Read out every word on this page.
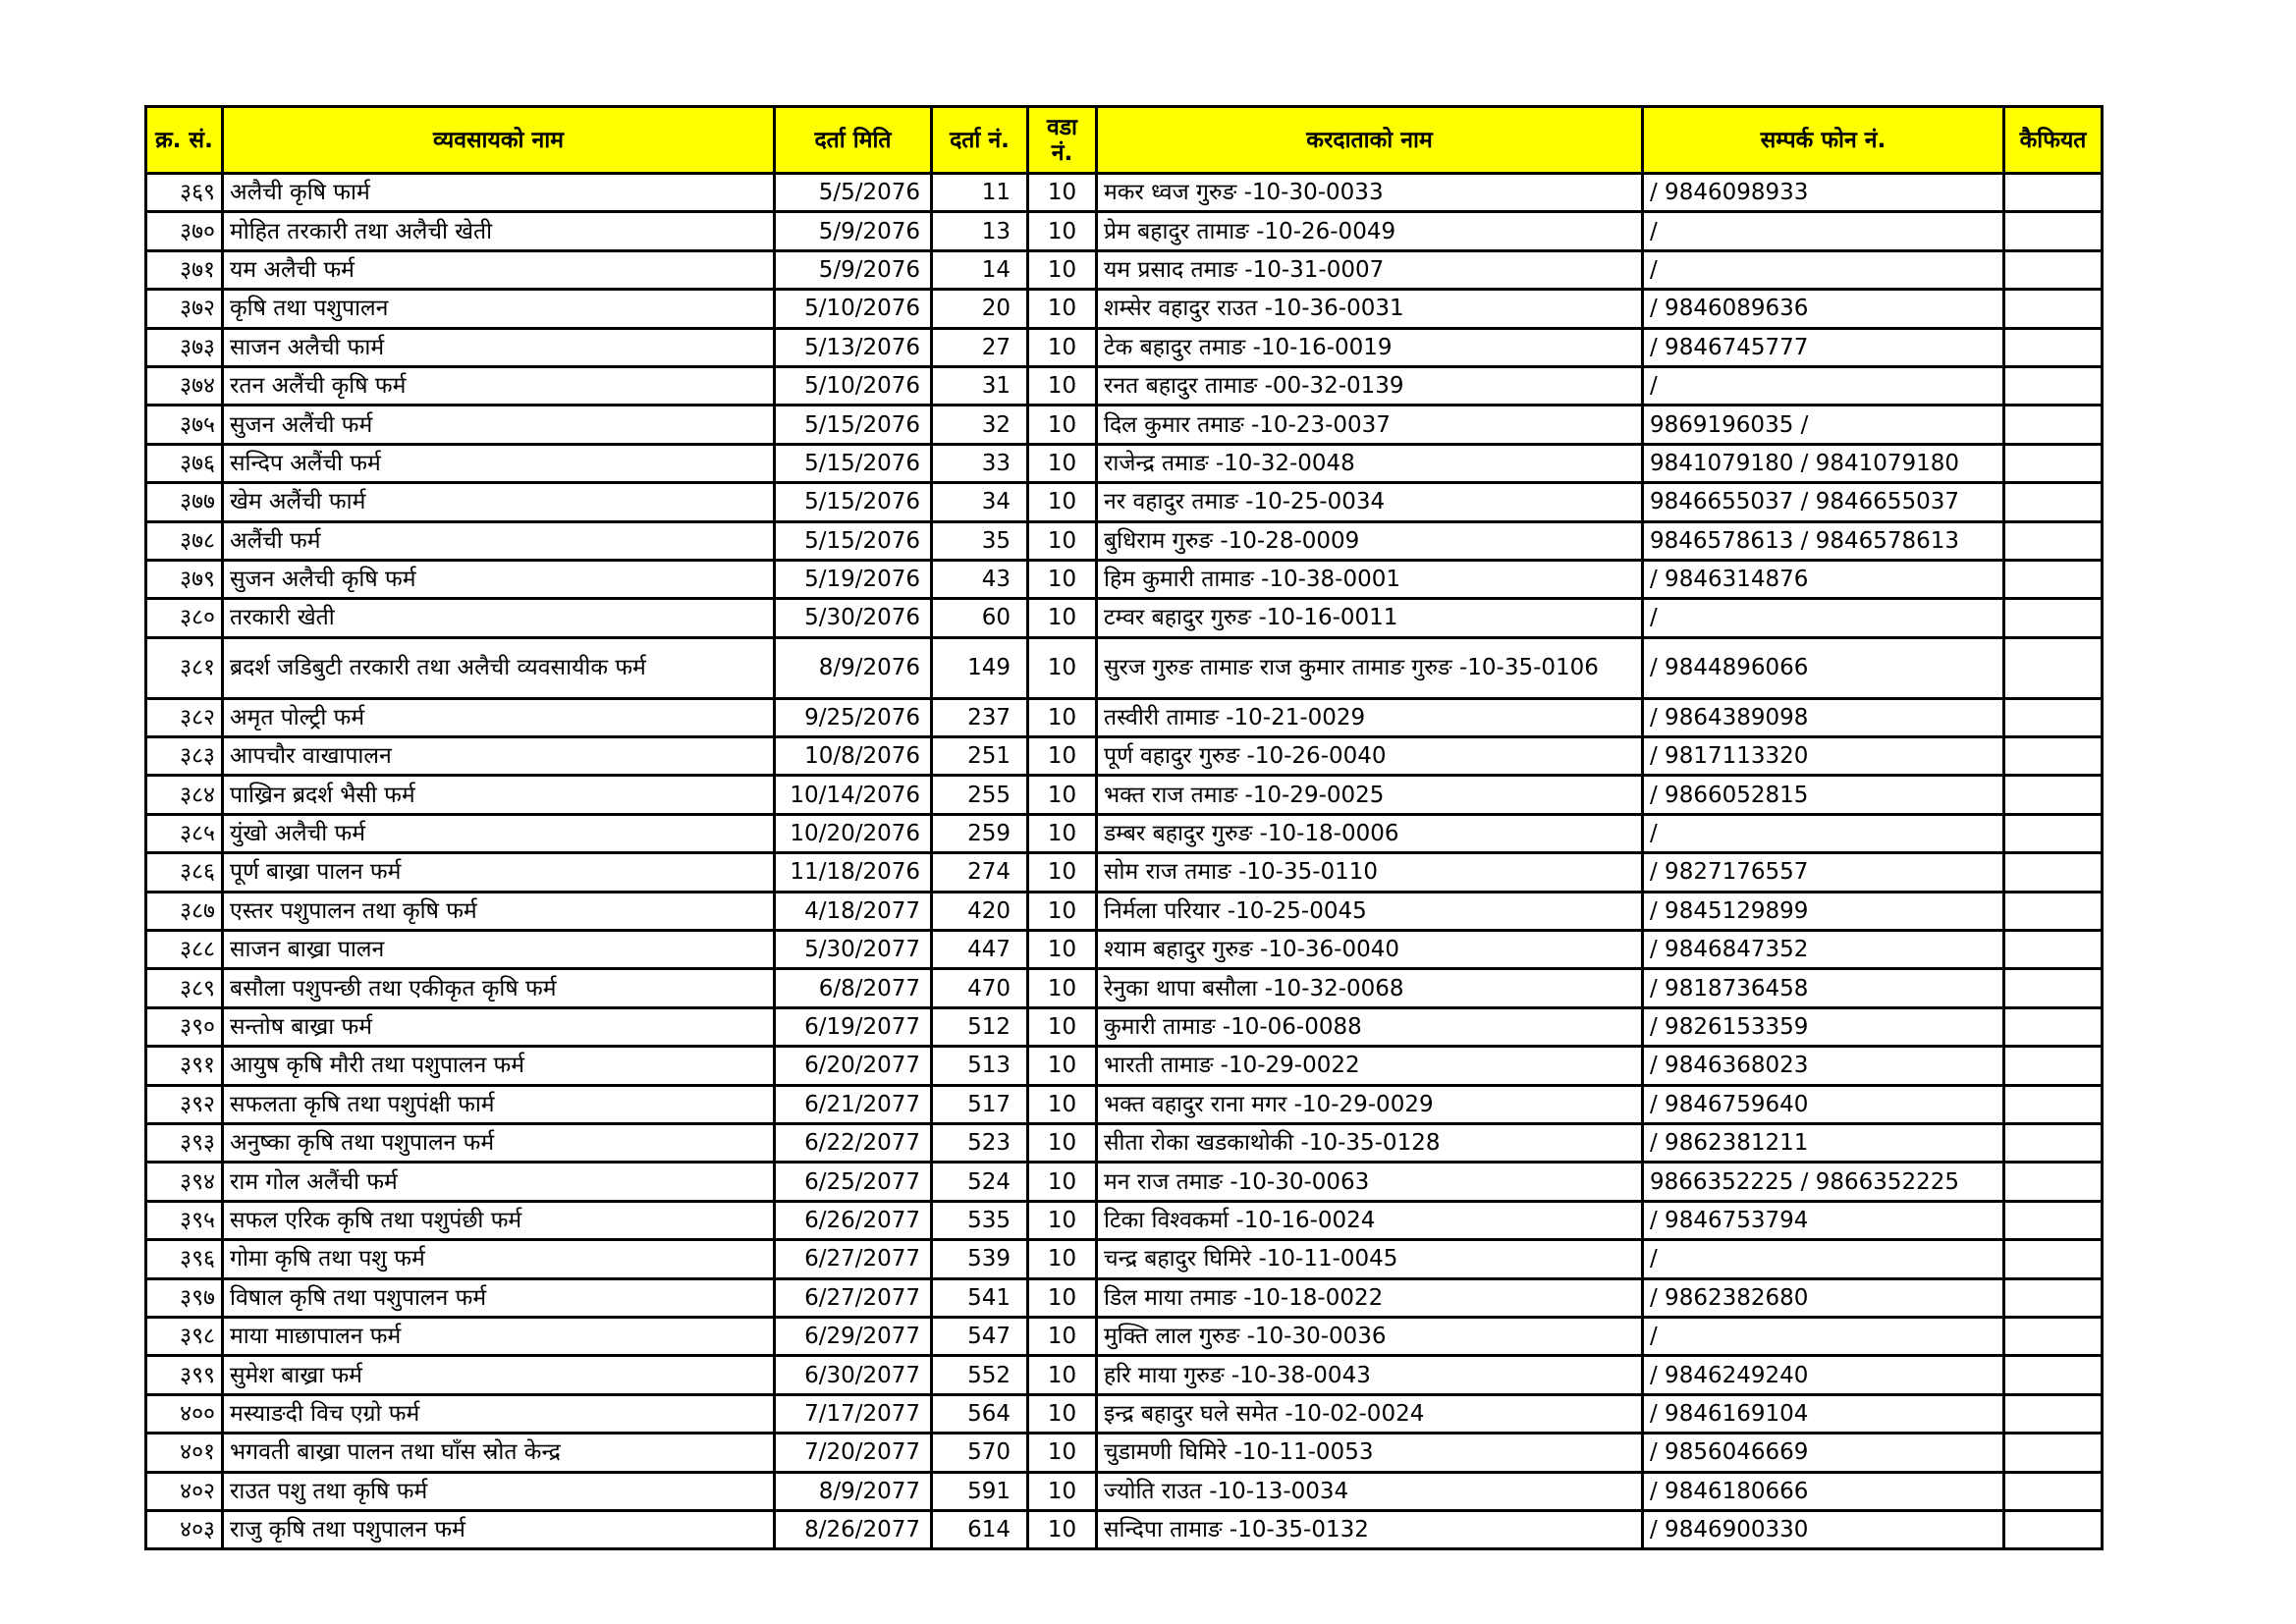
क्र. सं.	व्यवसायको नाम	दर्ता मिति	दर्ता नं.	वडा नं.	करदाताको नाम	सम्पर्क फोन नं.	कैफियत
३६९	अलैची कृषि फार्म	5/5/2076	11	10	मकर ध्वज गुरुङ -10-30-0033	/ 9846098933	
३७०	मोहित तरकारी तथा अलैची खेती	5/9/2076	13	10	प्रेम बहादुर तामाङ -10-26-0049	/	
३७१	यम अलैची फर्म	5/9/2076	14	10	यम प्रसाद तमाङ -10-31-0007	/	
३७२	कृषि तथा पशुपालन	5/10/2076	20	10	शम्सेर वहादुर राउत -10-36-0031	/ 9846089636	
३७३	साजन अलैची फार्म	5/13/2076	27	10	टेक बहादुर तमाङ -10-16-0019	/ 9846745777	
३७४	रतन अलैंची कृषि फर्म	5/10/2076	31	10	रनत बहादुर तामाङ -00-32-0139	/	
३७५	सुजन अलैंची फर्म	5/15/2076	32	10	दिल कुमार तमाङ -10-23-0037	9869196035 /	
३७६	सन्दिप अलैंची फर्म	5/15/2076	33	10	राजेन्द्र तमाङ -10-32-0048	9841079180 / 9841079180	
३७७	खेम अलैंची फार्म	5/15/2076	34	10	नर वहादुर तमाङ -10-25-0034	9846655037 / 9846655037	
३७८	अलैंची फर्म	5/15/2076	35	10	बुधिराम गुरुङ -10-28-0009	9846578613 / 9846578613	
३७९	सुजन अलैची कृषि फर्म	5/19/2076	43	10	हिम कुमारी तामाङ -10-38-0001	/ 9846314876	
३८०	तरकारी खेती	5/30/2076	60	10	टम्वर बहादुर गुरुङ -10-16-0011	/	
३८१	ब्रदर्श जडिबुटी तरकारी तथा अलैची व्यवसायीक फर्म	8/9/2076	149	10	सुरज गुरुङ तामाङ राज कुमार तामाङ गुरुङ -10-35-0106	/ 9844896066	
३८२	अमृत पोल्ट्री फर्म	9/25/2076	237	10	तस्वीरी तामाङ -10-21-0029	/ 9864389098	
३८३	आपचौर वाखापालन	10/8/2076	251	10	पूर्ण वहादुर गुरुङ -10-26-0040	/ 9817113320	
३८४	पाख्रिन ब्रदर्श भैसी फर्म	10/14/2076	255	10	भक्त राज तमाङ -10-29-0025	/ 9866052815	
३८५	युंखो अलैची फर्म	10/20/2076	259	10	डम्बर बहादुर गुरुङ -10-18-0006	/	
३८६	पूर्ण बाख्रा पालन फर्म	11/18/2076	274	10	सोम राज तमाङ -10-35-0110	/ 9827176557	
३८७	एस्तर पशुपालन तथा कृषि फर्म	4/18/2077	420	10	निर्मला परियार -10-25-0045	/ 9845129899	
३८८	साजन बाख्रा पालन	5/30/2077	447	10	श्याम बहादुर गुरुङ -10-36-0040	/ 9846847352	
३८९	बसौला पशुपन्छी तथा एकीकृत कृषि फर्म	6/8/2077	470	10	रेनुका थापा बसौला -10-32-0068	/ 9818736458	
३९०	सन्तोष बाख्रा फर्म	6/19/2077	512	10	कुमारी तामाङ -10-06-0088	/ 9826153359	
३९१	आयुष कृषि मौरी तथा पशुपालन फर्म	6/20/2077	513	10	भारती तामाङ -10-29-0022	/ 9846368023	
३९२	सफलता कृषि तथा पशुपंक्षी फार्म	6/21/2077	517	10	भक्त वहादुर राना मगर -10-29-0029	/ 9846759640	
३९३	अनुष्का कृषि तथा पशुपालन फर्म	6/22/2077	523	10	सीता रोका खडकाथोकी -10-35-0128	/ 9862381211	
३९४	राम गोल अलैंची फर्म	6/25/2077	524	10	मन राज तमाङ -10-30-0063	9866352225 / 9866352225	
३९५	सफल एरिक कृषि तथा पशुपंछी फर्म	6/26/2077	535	10	टिका विश्वकर्मा -10-16-0024	/ 9846753794	
३९६	गोमा कृषि तथा पशु फर्म	6/27/2077	539	10	चन्द्र बहादुर घिमिरे -10-11-0045	/	
३९७	विषाल कृषि तथा पशुपालन फर्म	6/27/2077	541	10	डिल माया तमाङ -10-18-0022	/ 9862382680	
३९८	माया माछापालन फर्म	6/29/2077	547	10	मुक्ति लाल गुरुङ -10-30-0036	/	
३९९	सुमेश बाख्रा फर्म	6/30/2077	552	10	हरि माया गुरुङ -10-38-0043	/ 9846249240	
४००	मस्याङदी विच एग्रो फर्म	7/17/2077	564	10	इन्द्र बहादुर घले समेत -10-02-0024	/ 9846169104	
४०१	भगवती बाख्रा पालन तथा घाँस स्रोत केन्द्र	7/20/2077	570	10	चुडामणी घिमिरे -10-11-0053	/ 9856046669	
४०२	राउत पशु तथा कृषि फर्म	8/9/2077	591	10	ज्योति राउत -10-13-0034	/ 9846180666	
४०३	राजु कृषि तथा पशुपालन फर्म	8/26/2077	614	10	सन्दिपा तामाङ -10-35-0132	/ 9846900330	
